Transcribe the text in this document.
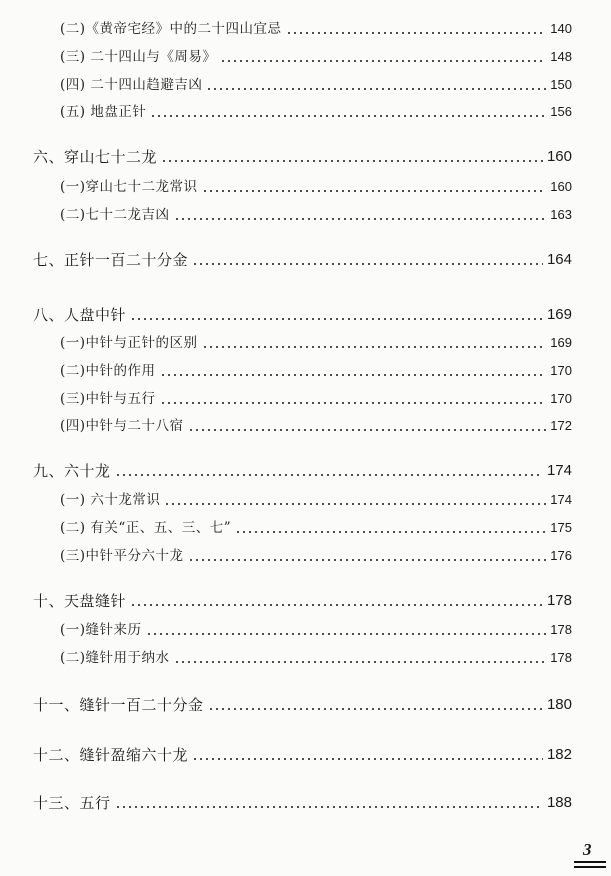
(二)《黄帝宅经》中的二十四山宜忌	140
(三) 二十四山与《周易》	148
(四) 二十四山趋避吉凶	150
(五) 地盘正针	156
六、穿山七十二龙	160
(一)穿山七十二龙常识	160
(二)七十二龙吉凶	163
七、正针一百二十分金	164
八、人盘中针	169
(一)中针与正针的区别	169
(二)中针的作用	170
(三)中针与五行	170
(四)中针与二十八宿	172
九、六十龙	174
(一) 六十龙常识	174
(二) 有关“正、五、三、七”	175
(三)中针平分六十龙	176
十、天盘缝针	178
(一)缝针来历	178
(二)缝针用于纳水	178
十一、缝针一百二十分金	180
十二、缝针盈缩六十龙	182
十三、五行	188
3
